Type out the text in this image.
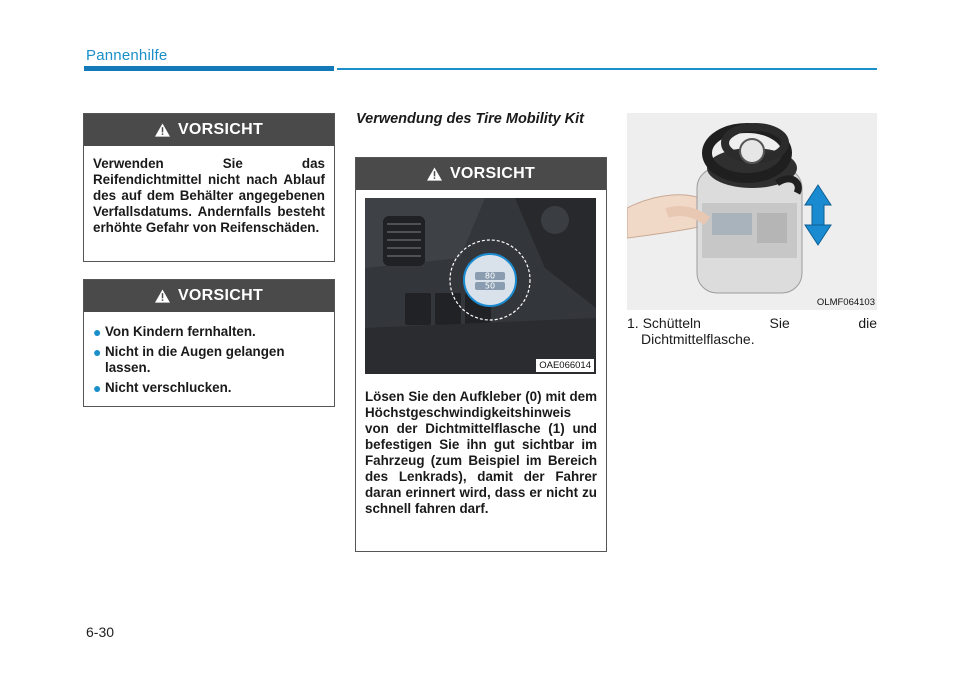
Pannenhilfe
VORSICHT
Verwenden Sie das Reifendichtmittel nicht nach Ablauf des auf dem Behälter angegebenen Verfallsdatums. Andernfalls besteht erhöhte Gefahr von Reifenschäden.
VORSICHT
● Von Kindern fernhalten.
● Nicht in die Augen gelangen lassen.
● Nicht verschlucken.
Verwendung des Tire Mobility Kit
VORSICHT
Lösen Sie den Aufkleber (0) mit dem Höchstgeschwindigkeitshinweis von der Dichtmittelflasche (1) und befestigen Sie ihn gut sichtbar im Fahrzeug (zum Beispiel im Bereich des Lenkrads), damit der Fahrer daran erinnert wird, dass er nicht zu schnell fahren darf.
80
50
OAE066014
OLMF064103
1. Schütteln	Sie	die
Dichtmittelflasche.
6-30
